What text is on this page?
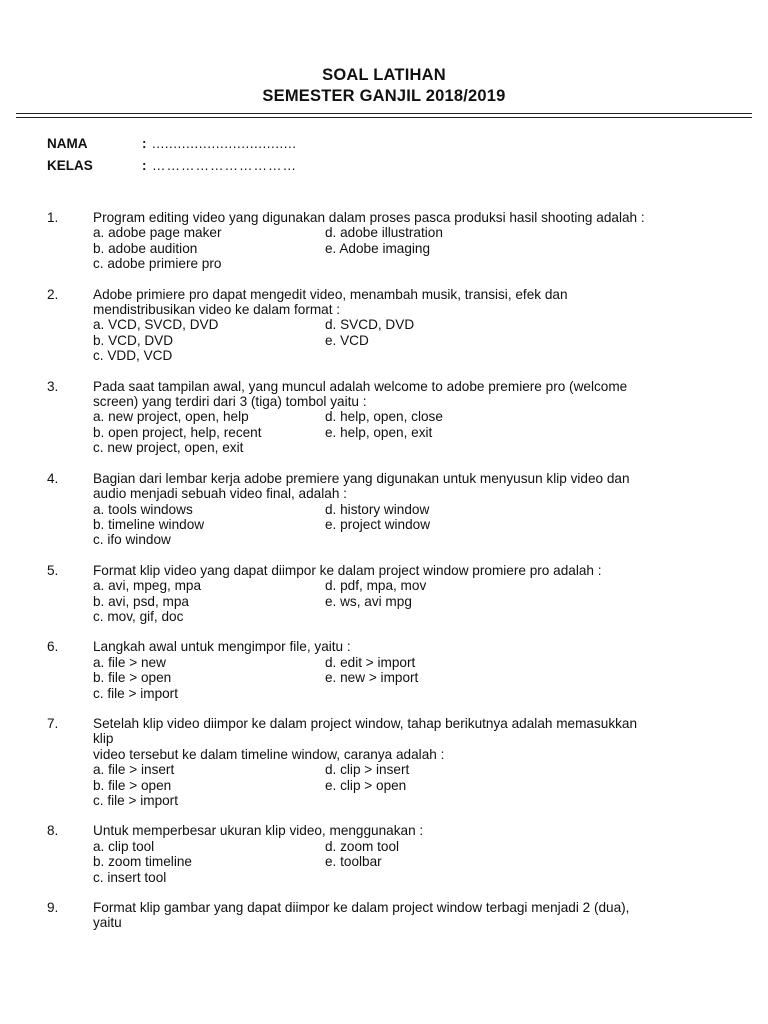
SOAL LATIHAN
SEMESTER GANJIL 2018/2019
NAMA	: ..................................
KELAS	: …………………………
1.	Program editing video yang digunakan dalam proses pasca produksi hasil shooting adalah :
a. adobe page maker	d. adobe illustration
b. adobe audition	e. Adobe imaging
c. adobe primiere pro
2.	Adobe primiere pro dapat mengedit video, menambah musik, transisi, efek dan
mendistribusikan video ke dalam format :
a. VCD, SVCD, DVD	d. SVCD, DVD
b. VCD, DVD	e. VCD
c. VDD, VCD
3.	Pada saat tampilan awal, yang muncul adalah welcome to adobe premiere pro (welcome
screen) yang terdiri dari 3 (tiga) tombol yaitu :
a. new project, open, help	d. help, open, close
b. open project, help, recent	e. help, open, exit
c. new project, open, exit
4.	Bagian dari lembar kerja adobe premiere yang digunakan untuk menyusun klip video dan
audio menjadi sebuah video final, adalah :
a. tools windows	d. history window
b. timeline window	e. project window
c. ifo window
5.	Format klip video yang dapat diimpor ke dalam project window promiere pro adalah :
a. avi, mpeg, mpa	d. pdf, mpa, mov
b. avi, psd, mpa	e. ws, avi mpg
c. mov, gif, doc
6.	Langkah awal untuk mengimpor file, yaitu :
a. file > new	d. edit > import
b. file > open	e. new > import
c. file > import
7.	Setelah klip video diimpor ke dalam project window, tahap berikutnya adalah memasukkan
klip
video tersebut ke dalam timeline window, caranya adalah :
a. file > insert	d. clip > insert
b. file > open	e. clip > open
c. file > import
8.	Untuk memperbesar ukuran klip video, menggunakan :
a. clip tool	d. zoom tool
b. zoom timeline	e. toolbar
c. insert tool
9.	Format klip gambar yang dapat diimpor ke dalam project window terbagi menjadi 2 (dua),
yaitu
